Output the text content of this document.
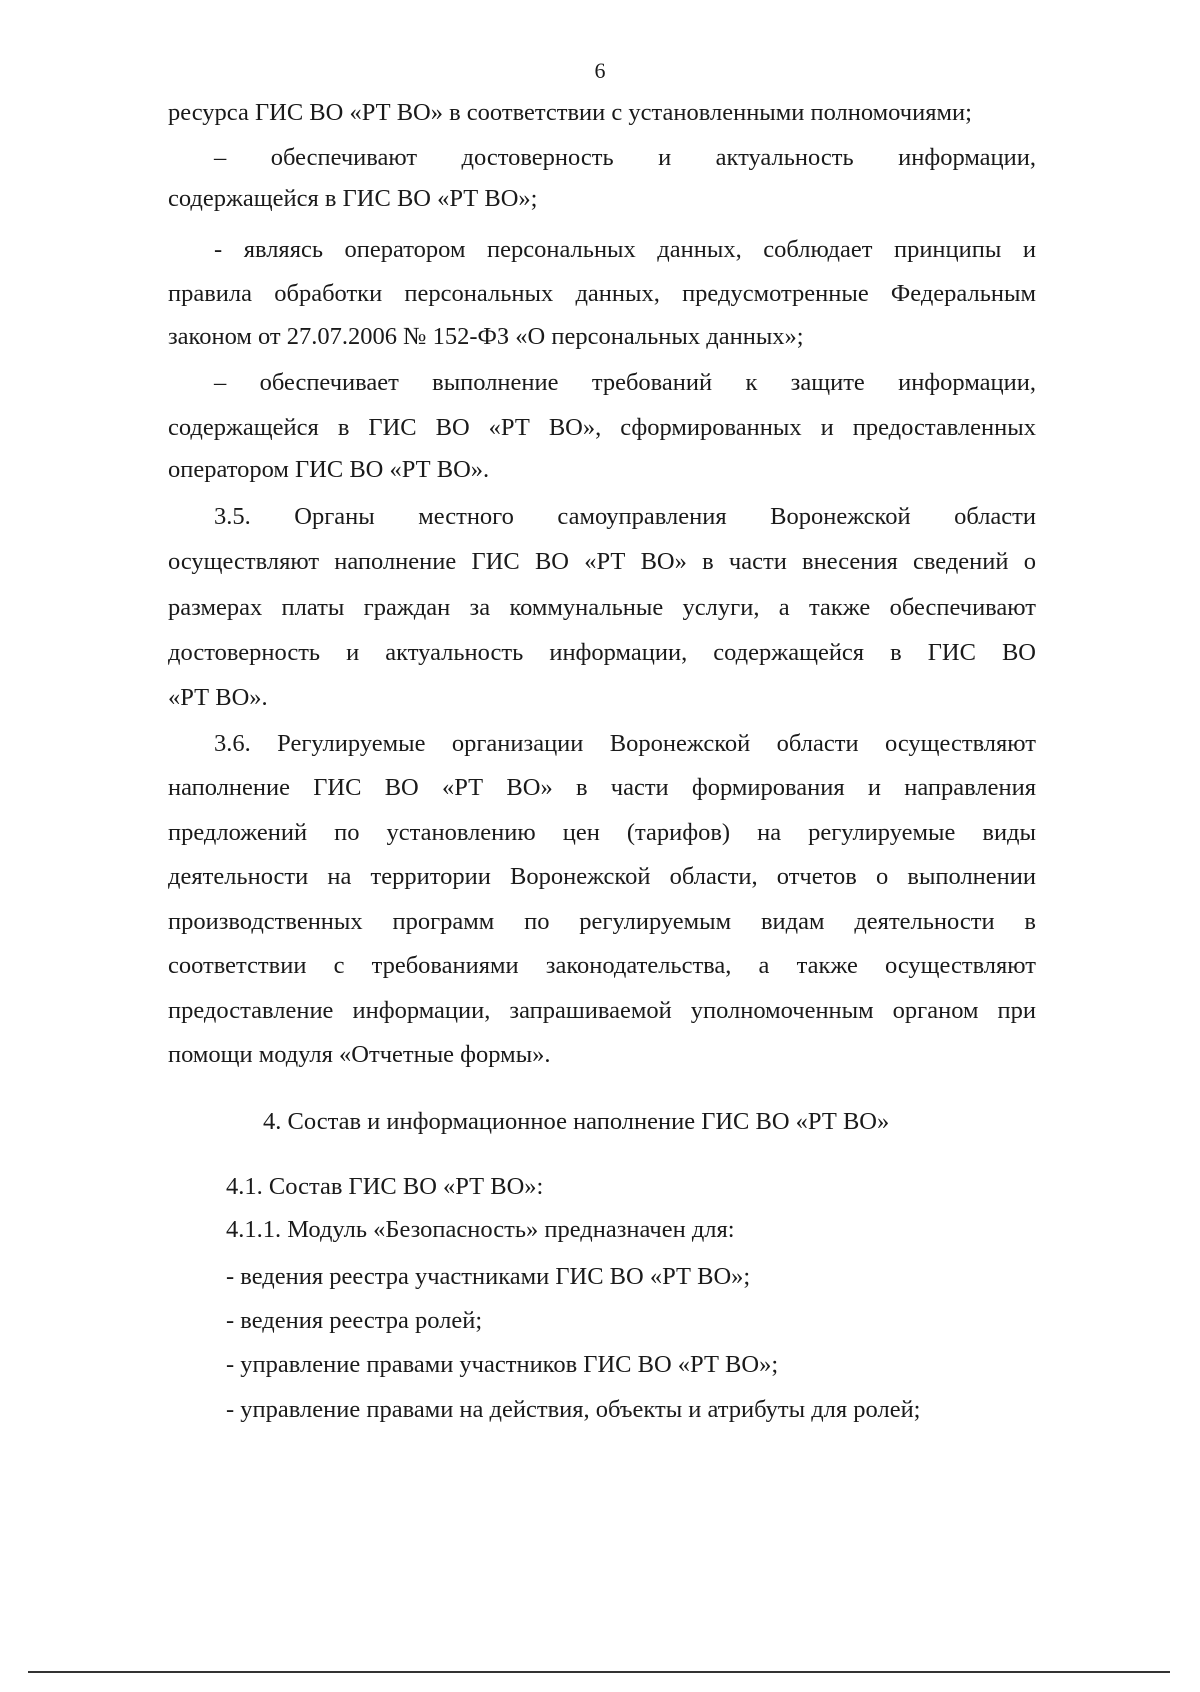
6
ресурса ГИС ВО «РТ ВО» в соответствии с установленными полномочиями;
– обеспечивают достоверность и актуальность информации,
содержащейся в ГИС ВО «РТ ВО»;
- являясь оператором персональных данных, соблюдает принципы и
правила обработки персональных данных, предусмотренные Федеральным
законом от 27.07.2006 № 152-ФЗ «О персональных данных»;
– обеспечивает выполнение требований к защите информации,
содержащейся в ГИС ВО «РТ ВО», сформированных и предоставленных
оператором ГИС ВО «РТ ВО».
3.5. Органы местного самоуправления Воронежской области
осуществляют наполнение ГИС ВО «РТ ВО» в части внесения сведений о
размерах платы граждан за коммунальные услуги, а также обеспечивают
достоверность и актуальность информации, содержащейся в ГИС ВО
«РТ ВО».
3.6. Регулируемые организации Воронежской области осуществляют
наполнение ГИС ВО «РТ ВО» в части формирования и направления
предложений по установлению цен (тарифов) на регулируемые виды
деятельности на территории Воронежской области, отчетов о выполнении
производственных программ по регулируемым видам деятельности в
соответствии с требованиями законодательства, а также осуществляют
предоставление информации, запрашиваемой уполномоченным органом при
помощи модуля «Отчетные формы».
4. Состав и информационное наполнение ГИС ВО «РТ ВО»
4.1. Состав ГИС ВО «РТ ВО»:
4.1.1. Модуль «Безопасность» предназначен для:
- ведения реестра участниками ГИС ВО «РТ ВО»;
- ведения реестра ролей;
- управление правами участников ГИС ВО «РТ ВО»;
- управление правами на действия, объекты и атрибуты для ролей;
